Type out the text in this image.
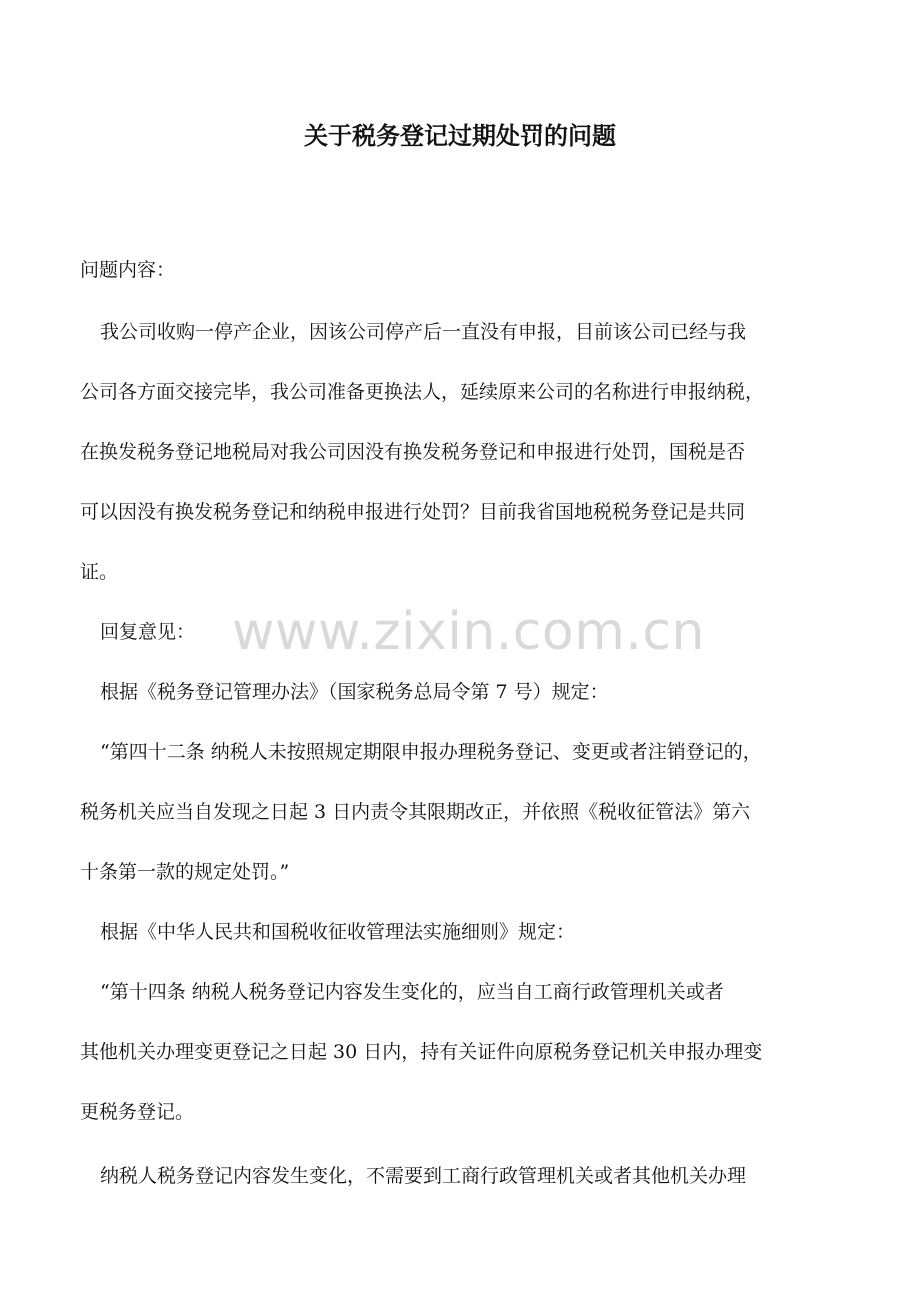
关于税务登记过期处罚的问题
www.zixin.com.cn

问题内容：

我公司收购一停产企业，因该公司停产后一直没有申报，目前该公司已经与我

公司各方面交接完毕，我公司准备更换法人，延续原来公司的名称进行申报纳税，

在换发税务登记地税局对我公司因没有换发税务登记和申报进行处罚，国税是否

可以因没有换发税务登记和纳税申报进行处罚？目前我省国地税税务登记是共同

证。

回复意见：

根据《税务登记管理办法》（国家税务总局令第 7 号）规定：

“第四十二条 纳税人未按照规定期限申报办理税务登记、变更或者注销登记的，

税务机关应当自发现之日起 3 日内责令其限期改正，并依照《税收征管法》第六

十条第一款的规定处罚。”

根据《中华人民共和国税收征收管理法实施细则》规定：

“第十四条 纳税人税务登记内容发生变化的，应当自工商行政管理机关或者

其他机关办理变更登记之日起 30 日内，持有关证件向原税务登记机关申报办理变

更税务登记。

纳税人税务登记内容发生变化，不需要到工商行政管理机关或者其他机关办理
